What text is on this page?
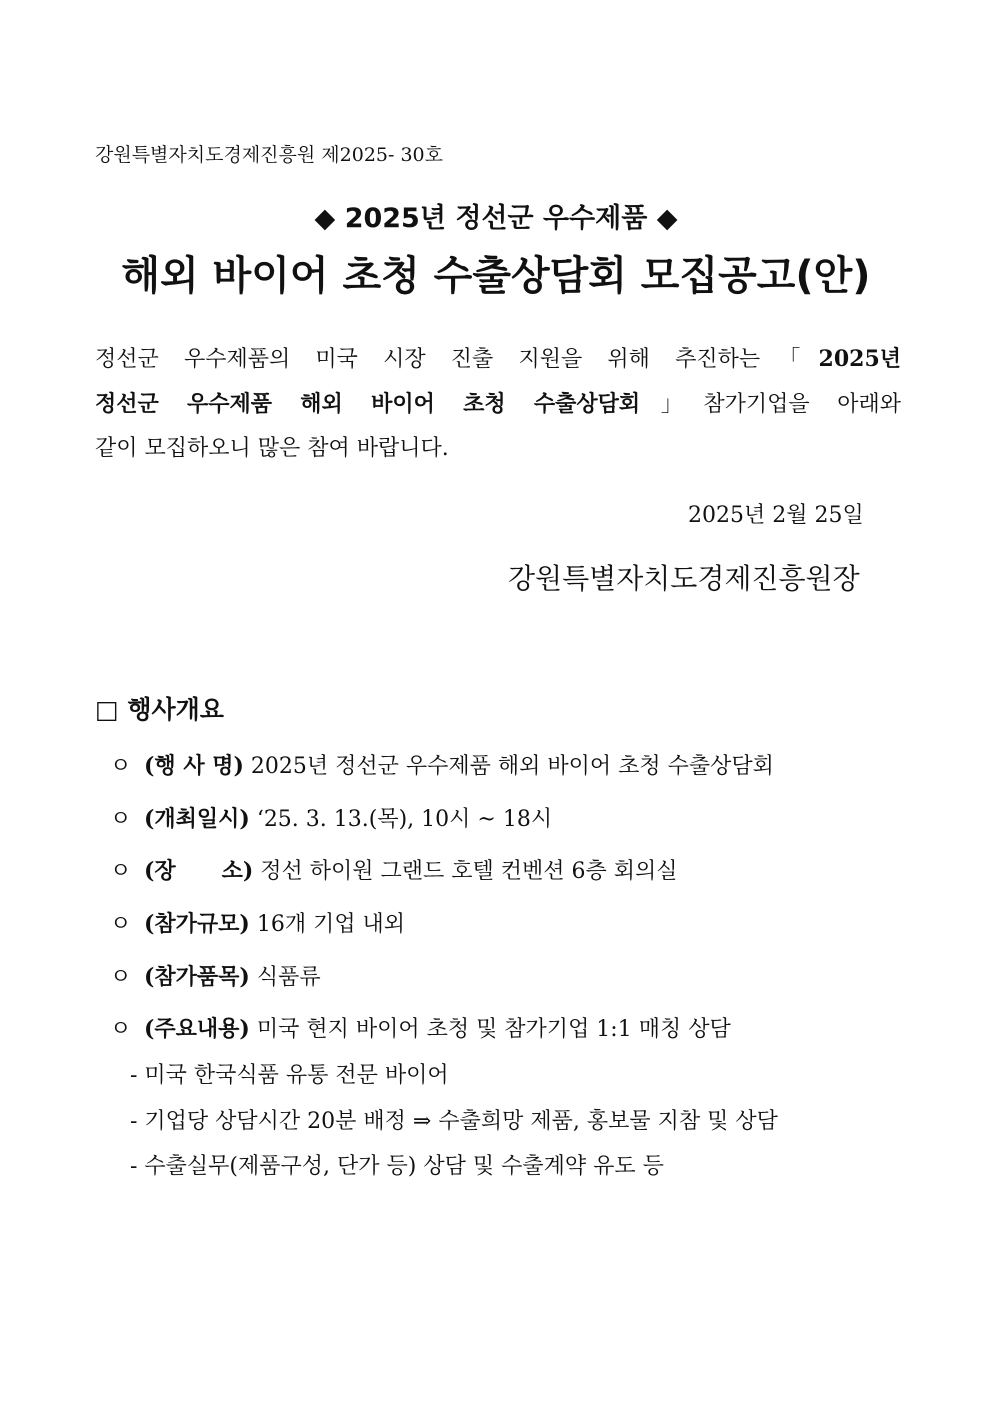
강원특별자치도경제진흥원 제2025- 30호
◆ 2025년 정선군 우수제품 ◆
해외 바이어 초청 수출상담회 모집공고(안)
정선군 우수제품의 미국 시장 진출 지원을 위해 추진하는「2025년
정선군 우수제품 해외 바이어 초청 수출상담회」참가기업을 아래와
같이 모집하오니 많은 참여 바랍니다.
2025년 2월 25일
강원특별자치도경제진흥원장
□ 행사개요
ㅇ (행 사 명) 2025년 정선군 우수제품 해외 바이어 초청 수출상담회
ㅇ (개최일시) ‘25. 3. 13.(목), 10시 ~ 18시
ㅇ (장      소) 정선 하이원 그랜드 호텔 컨벤션 6층 회의실
ㅇ (참가규모) 16개 기업 내외
ㅇ (참가품목) 식품류
ㅇ (주요내용) 미국 현지 바이어 초청 및 참가기업 1:1 매칭 상담
- 미국 한국식품 유통 전문 바이어
- 기업당 상담시간 20분 배정 ⇒ 수출희망 제품, 홍보물 지참 및 상담
- 수출실무(제품구성, 단가 등) 상담 및 수출계약 유도 등
